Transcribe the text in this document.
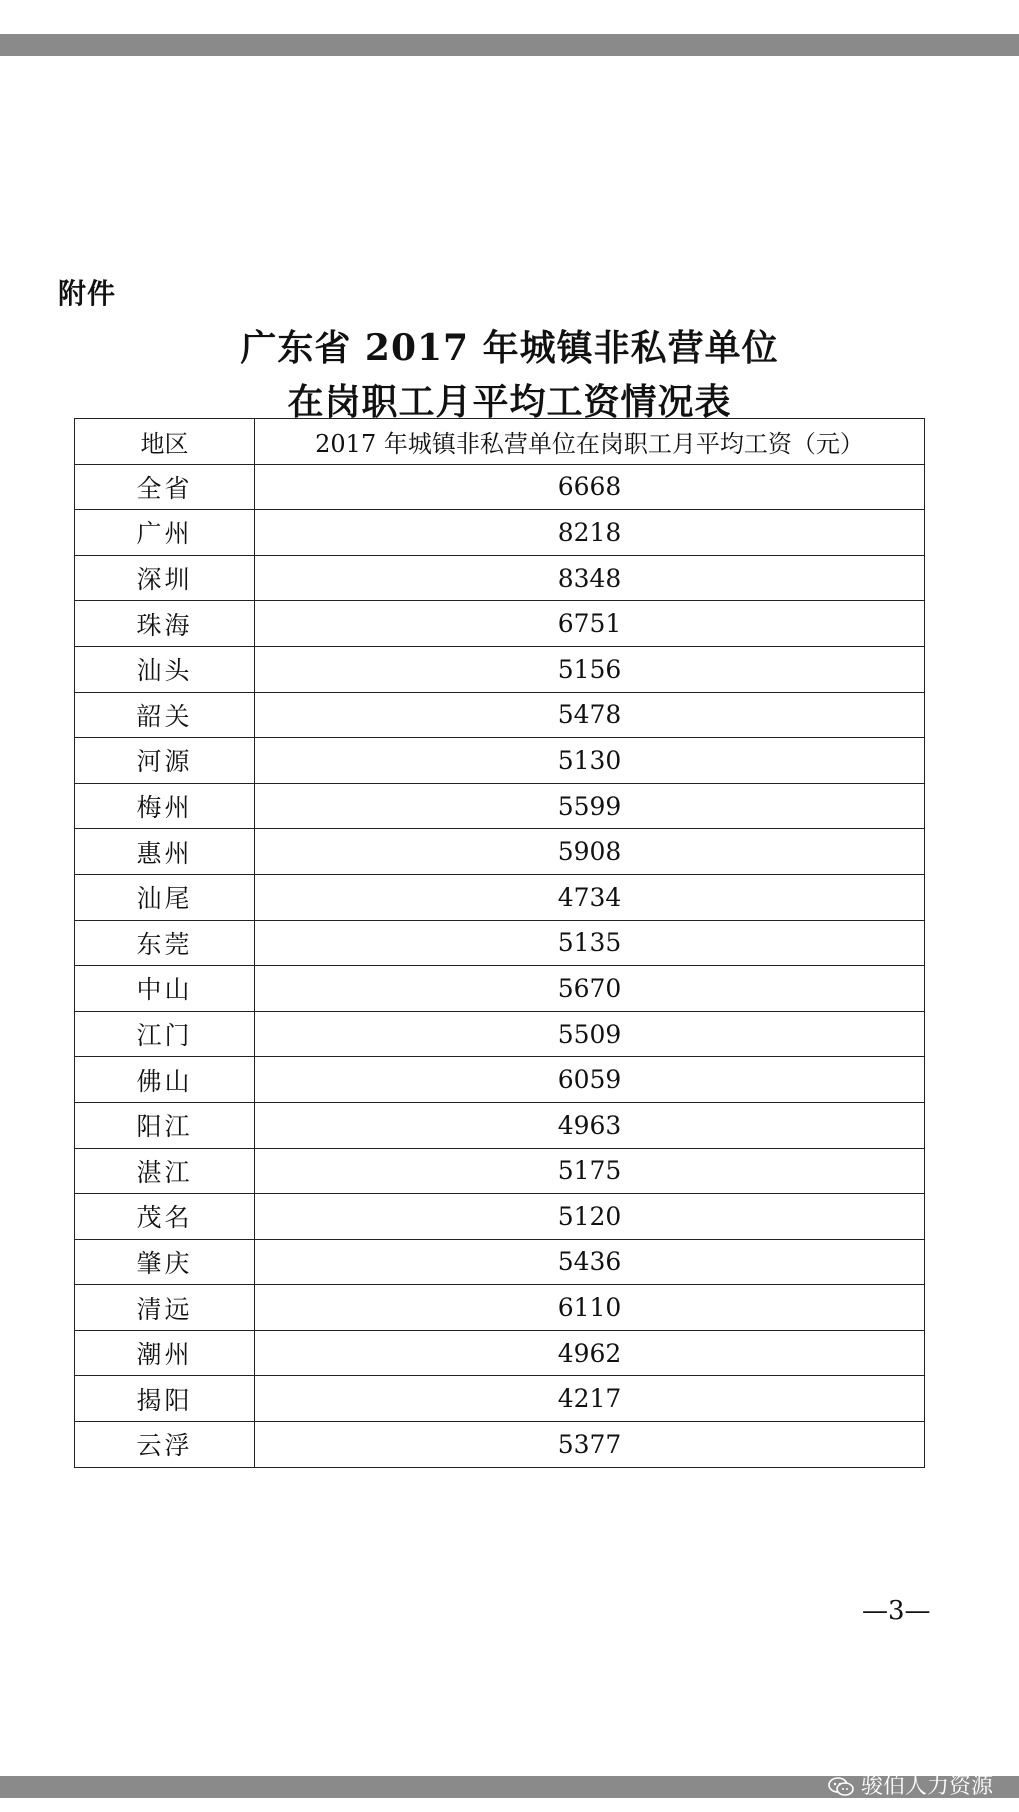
附件
广东省 2017 年城镇非私营单位
在岗职工月平均工资情况表
地区	2017 年城镇非私营单位在岗职工月平均工资（元）
全省	6668
广州	8218
深圳	8348
珠海	6751
汕头	5156
韶关	5478
河源	5130
梅州	5599
惠州	5908
汕尾	4734
东莞	5135
中山	5670
江门	5509
佛山	6059
阳江	4963
湛江	5175
茂名	5120
肇庆	5436
清远	6110
潮州	4962
揭阳	4217
云浮	5377
—3—
骏伯人力资源
